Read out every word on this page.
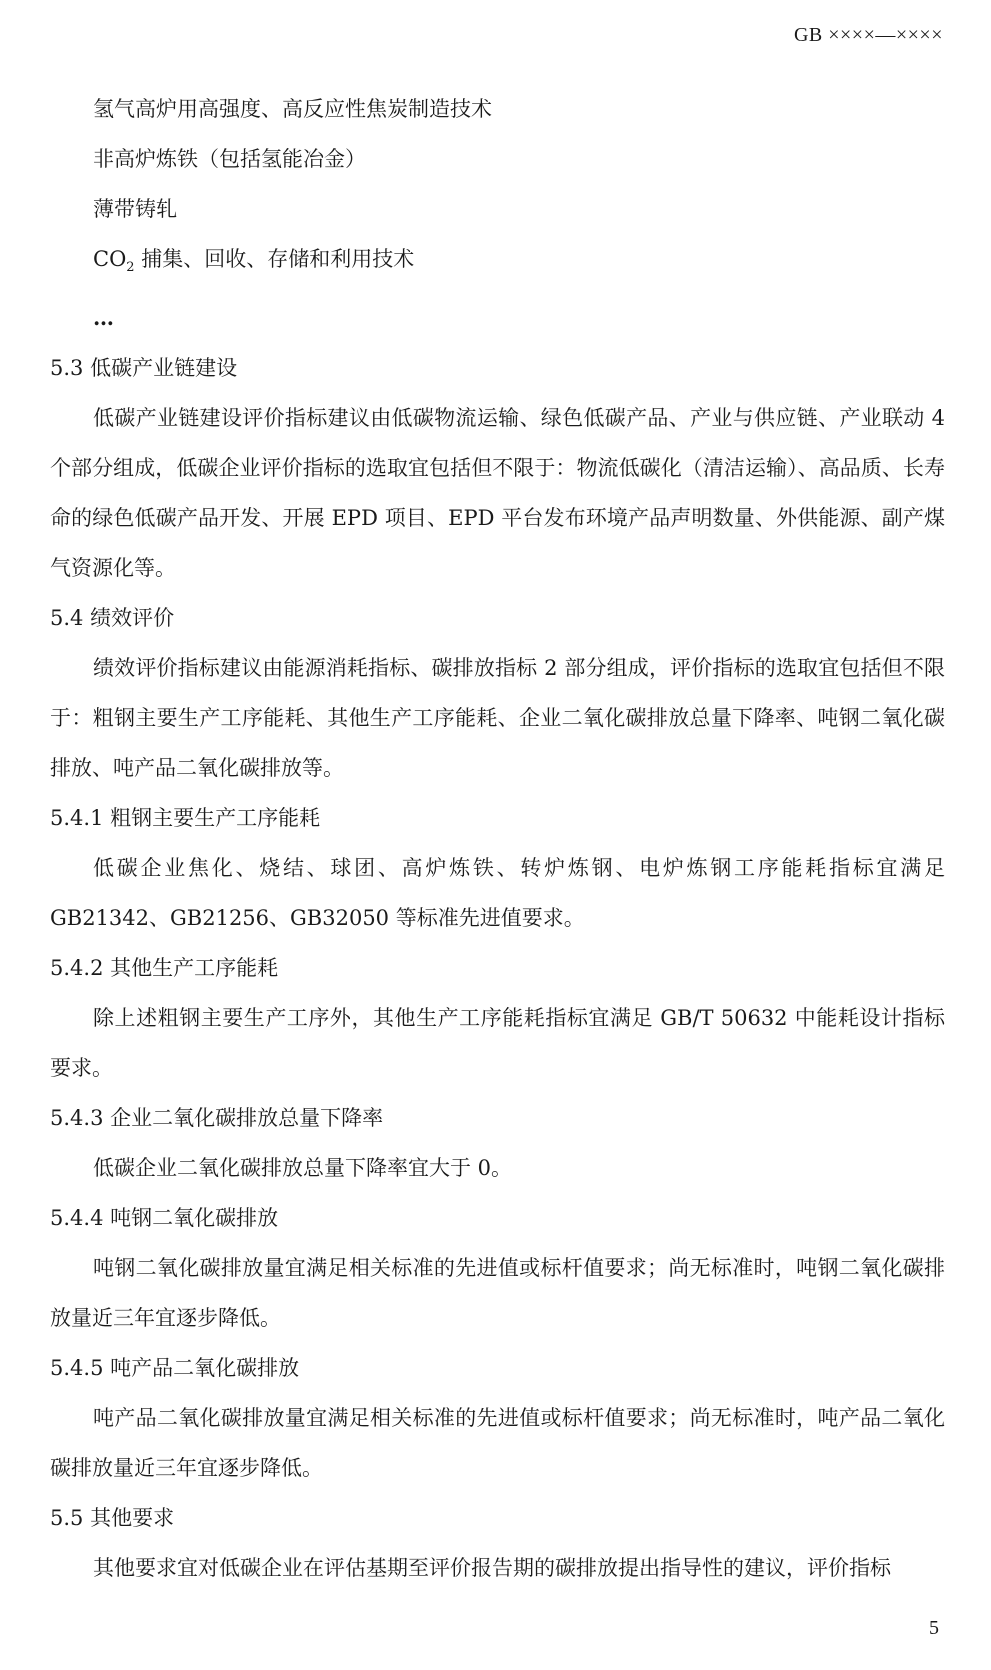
GB ××××—××××
氢气高炉用高强度、高反应性焦炭制造技术
非高炉炼铁（包括氢能冶金）
薄带铸轧
$CO_2$ 捕集、回收、存储和利用技术
…
5.3 低碳产业链建设

低碳产业链建设评价指标建议由低碳物流运输、绿色低碳产品、产业与供应链、产业联动 4 个部分组成，低碳企业评价指标的选取宜包括但不限于：物流低碳化（清洁运输）、高品质、长寿命的绿色低碳产品开发、开展 EPD 项目、EPD 平台发布环境产品声明数量、外供能源、副产煤气资源化等。

5.4 绩效评价

绩效评价指标建议由能源消耗指标、碳排放指标 2 部分组成，评价指标的选取宜包括但不限于：粗钢主要生产工序能耗、其他生产工序能耗、企业二氧化碳排放总量下降率、吨钢二氧化碳排放、吨产品二氧化碳排放等。

5.4.1 粗钢主要生产工序能耗

低碳企业焦化、烧结、球团、高炉炼铁、转炉炼钢、电炉炼钢工序能耗指标宜满足 GB21342、GB21256、GB32050 等标准先进值要求。

5.4.2 其他生产工序能耗

除上述粗钢主要生产工序外，其他生产工序能耗指标宜满足 GB/T 50632 中能耗设计指标要求。

5.4.3 企业二氧化碳排放总量下降率

低碳企业二氧化碳排放总量下降率宜大于 0。

5.4.4 吨钢二氧化碳排放

吨钢二氧化碳排放量宜满足相关标准的先进值或标杆值要求；尚无标准时，吨钢二氧化碳排放量近三年宜逐步降低。

5.4.5 吨产品二氧化碳排放

吨产品二氧化碳排放量宜满足相关标准的先进值或标杆值要求；尚无标准时，吨产品二氧化碳排放量近三年宜逐步降低。

5.5 其他要求

其他要求宜对低碳企业在评估基期至评价报告期的碳排放提出指导性的建议，评价指标

5
